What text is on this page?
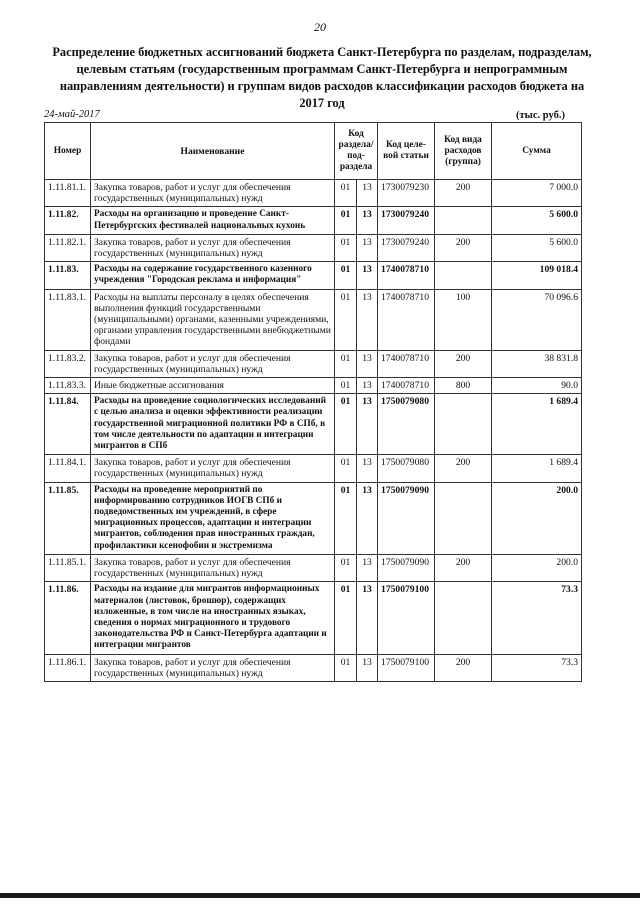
20
Распределение бюджетных ассигнований бюджета Санкт-Петербурга по разделам, подразделам, целевым статьям (государственным программам Санкт-Петербурга и непрограммным направлениям деятельности) и группам видов расходов классификации расходов бюджета на 2017 год
24-май-2017	(тыс. руб.)
Номер	Наименование	Код раздела/ под-раздела		Код целе-вой статьи	Код вида расходов (группа)	Сумма
1.11.81.1.	Закупка товаров, работ и услуг для обеспечения государственных (муниципальных) нужд	01	13	1730079230	200	7 000.0
1.11.82.	Расходы на организацию и проведение Санкт-Петербургских фестивалей национальных кухонь	01	13	1730079240		5 600.0
1.11.82.1.	Закупка товаров, работ и услуг для обеспечения государственных (муниципальных) нужд	01	13	1730079240	200	5 600.0
1.11.83.	Расходы на содержание государственного казенного учреждения "Городская реклама и информация"	01	13	1740078710		109 018.4
1.11.83.1.	Расходы на выплаты персоналу в целях обеспечения выполнения функций государственными (муниципальными) органами, казенными учреждениями, органами управления государственными внебюджетными фондами	01	13	1740078710	100	70 096.6
1.11.83.2.	Закупка товаров, работ и услуг для обеспечения государственных (муниципальных) нужд	01	13	1740078710	200	38 831.8
1.11.83.3.	Иные бюджетные ассигнования	01	13	1740078710	800	90.0
1.11.84.	Расходы на проведение социологических исследований с целью анализа и оценки эффективности реализации государственной миграционной политики РФ в СПб, в том числе деятельности по адаптации и интеграции мигрантов в СПб	01	13	1750079080		1 689.4
1.11.84.1.	Закупка товаров, работ и услуг для обеспечения государственных (муниципальных) нужд	01	13	1750079080	200	1 689.4
1.11.85.	Расходы на проведение мероприятий по информированию сотрудников ИОГВ СПб и подведомственных им учреждений, в сфере миграционных процессов, адаптации и интеграции мигрантов, соблюдения прав иностранных граждан, профилактики ксенофобии и экстремизма	01	13	1750079090		200.0
1.11.85.1.	Закупка товаров, работ и услуг для обеспечения государственных (муниципальных) нужд	01	13	1750079090	200	200.0
1.11.86.	Расходы на издание для мигрантов информационных материалов (листовок, брошюр), содержащих изложенные, в том числе на иностранных языках, сведения о нормах миграционного и трудового законодательства РФ и Санкт-Петербурга адаптации и интеграции мигрантов	01	13	1750079100		73.3
1.11.86.1.	Закупка товаров, работ и услуг для обеспечения государственных (муниципальных) нужд	01	13	1750079100	200	73.3
